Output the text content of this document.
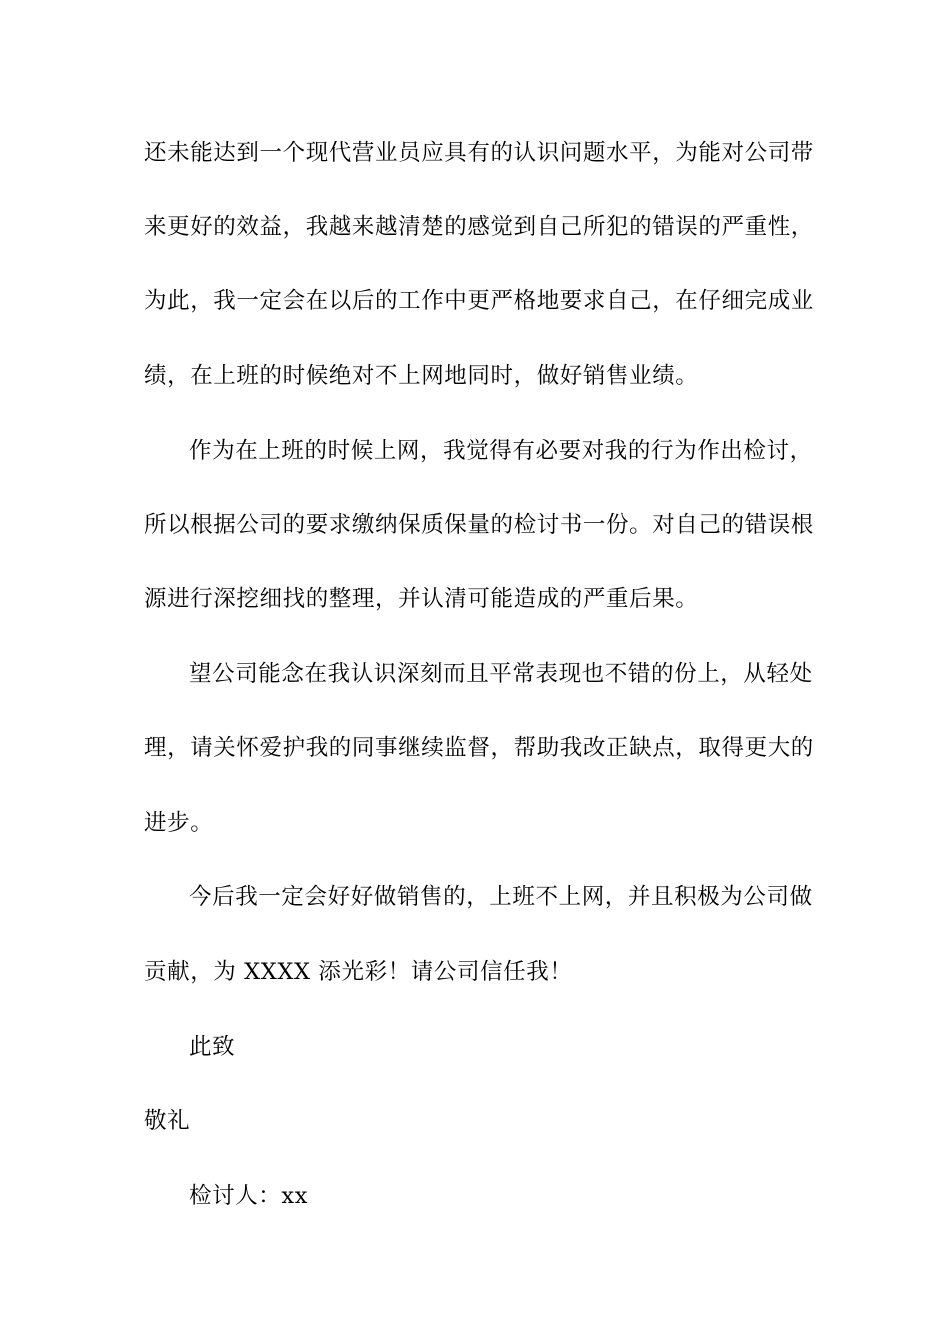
还未能达到一个现代营业员应具有的认识问题水平，为能对公司带
来更好的效益，我越来越清楚的感觉到自己所犯的错误的严重性，
为此，我一定会在以后的工作中更严格地要求自己，在仔细完成业
绩，在上班的时候绝对不上网地同时，做好销售业绩。
作为在上班的时候上网，我觉得有必要对我的行为作出检讨，
所以根据公司的要求缴纳保质保量的检讨书一份。对自己的错误根
源进行深挖细找的整理，并认清可能造成的严重后果。
望公司能念在我认识深刻而且平常表现也不错的份上，从轻处
理，请关怀爱护我的同事继续监督，帮助我改正缺点，取得更大的
进步。
今后我一定会好好做销售的，上班不上网，并且积极为公司做
贡献，为 XXXX 添光彩！请公司信任我！
此致
敬礼
检讨人：xx
